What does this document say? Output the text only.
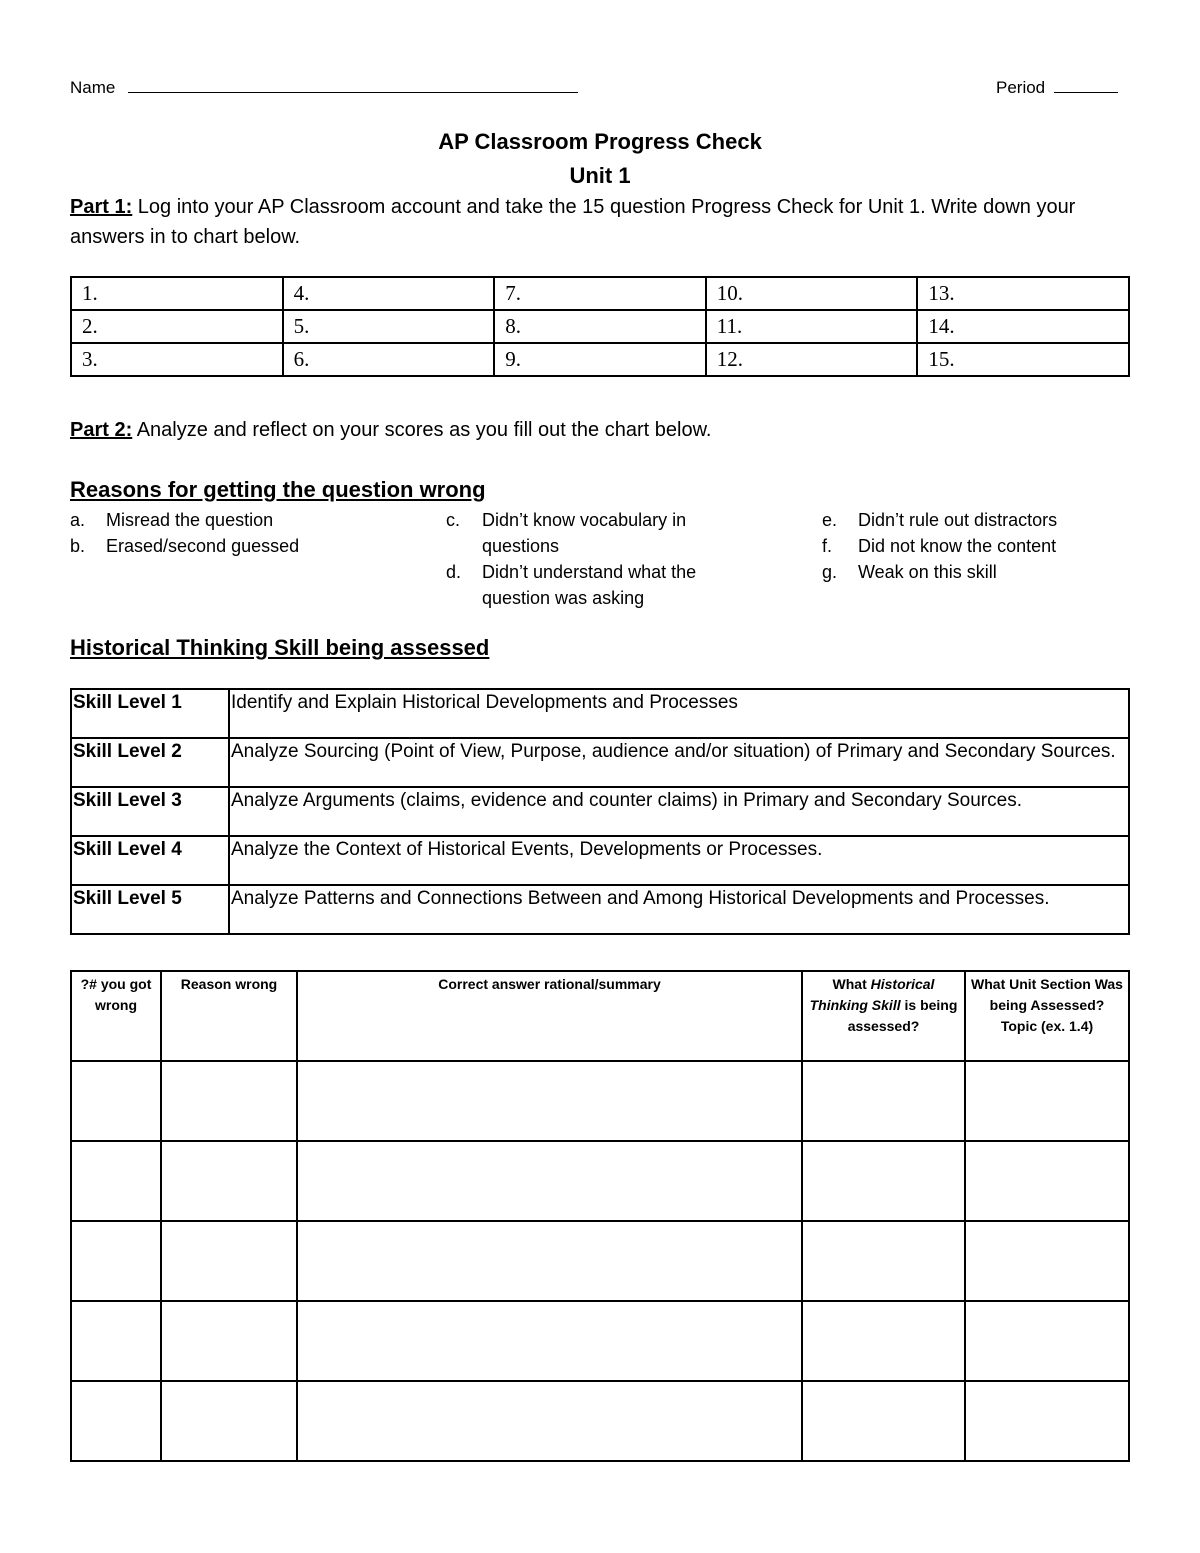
Name	Period
AP Classroom Progress Check
Unit 1
Part 1: Log into your AP Classroom account and take the 15 question Progress Check for Unit 1. Write down your answers in to chart below.
1.	4.	7.	10.	13.
2.	5.	8.	11.	14.
3.	6.	9.	12.	15.
Part 2: Analyze and reflect on your scores as you fill out the chart below.
Reasons for getting the question wrong
a.	Misread the question
b.	Erased/second guessed
c.	Didn’t know vocabulary in questions
d.	Didn’t understand what the question was asking
e.	Didn’t rule out distractors
f.	Did not know the content
g.	Weak on this skill
Historical Thinking Skill being assessed
Skill Level 1	Identify and Explain Historical Developments and Processes
Skill Level 2	Analyze Sourcing (Point of View, Purpose, audience and/or situation) of Primary and Secondary Sources.
Skill Level 3	Analyze Arguments (claims, evidence and counter claims) in Primary and Secondary Sources.
Skill Level 4	Analyze the Context of Historical Events, Developments or Processes.
Skill Level 5	Analyze Patterns and Connections Between and Among Historical Developments and Processes.
?# you got wrong	Reason wrong	Correct answer rational/summary	What Historical Thinking Skill is being assessed?	What Unit Section Was being Assessed? Topic (ex. 1.4)
